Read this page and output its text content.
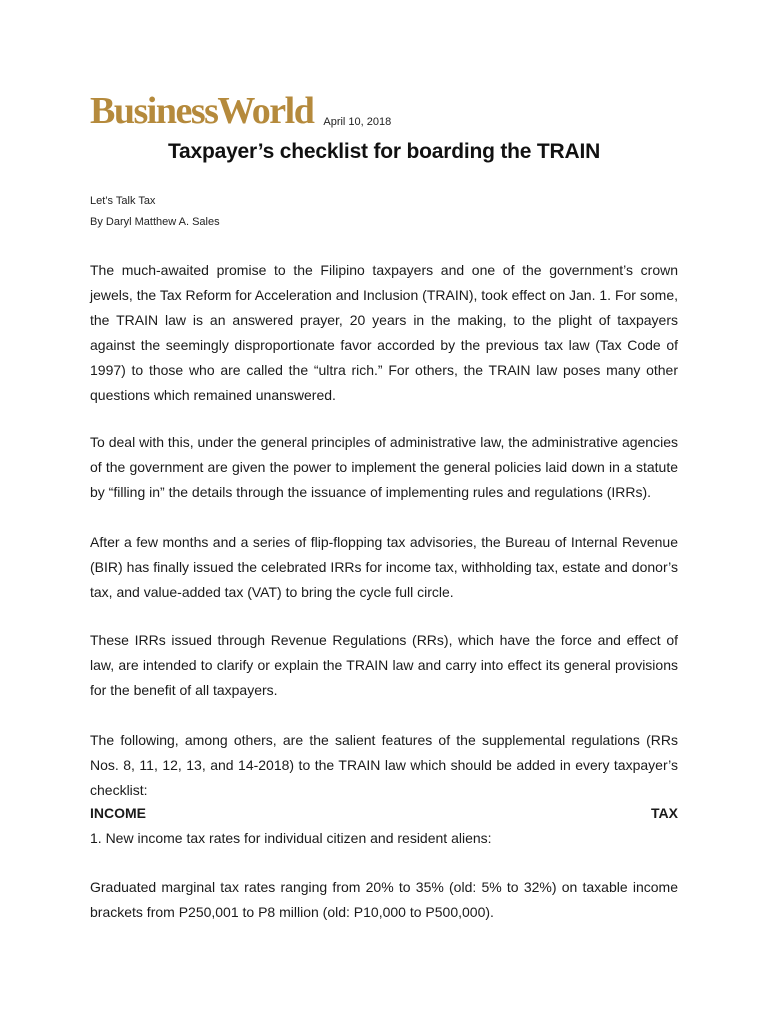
BusinessWorld April 10, 2018
Taxpayer’s checklist for boarding the TRAIN
Let’s Talk Tax
By Daryl Matthew A. Sales

The much-awaited promise to the Filipino taxpayers and one of the government’s crown jewels, the Tax Reform for Acceleration and Inclusion (TRAIN), took effect on Jan. 1. For some, the TRAIN law is an answered prayer, 20 years in the making, to the plight of taxpayers against the seemingly disproportionate favor accorded by the previous tax law (Tax Code of 1997) to those who are called the “ultra rich.” For others, the TRAIN law poses many other questions which remained unanswered.

To deal with this, under the general principles of administrative law, the administrative agencies of the government are given the power to implement the general policies laid down in a statute by “filling in” the details through the issuance of implementing rules and regulations (IRRs).

After a few months and a series of flip-flopping tax advisories, the Bureau of Internal Revenue (BIR) has finally issued the celebrated IRRs for income tax, withholding tax, estate and donor’s tax, and value-added tax (VAT) to bring the cycle full circle.

These IRRs issued through Revenue Regulations (RRs), which have the force and effect of law, are intended to clarify or explain the TRAIN law and carry into effect its general provisions for the benefit of all taxpayers.

The following, among others, are the salient features of the supplemental regulations (RRs Nos. 8, 11, 12, 13, and 14-2018) to the TRAIN law which should be added in every taxpayer’s checklist:

INCOME	TAX

1. New income tax rates for individual citizen and resident aliens:

Graduated marginal tax rates ranging from 20% to 35% (old: 5% to 32%) on taxable income brackets from P250,001 to P8 million (old: P10,000 to P500,000).
